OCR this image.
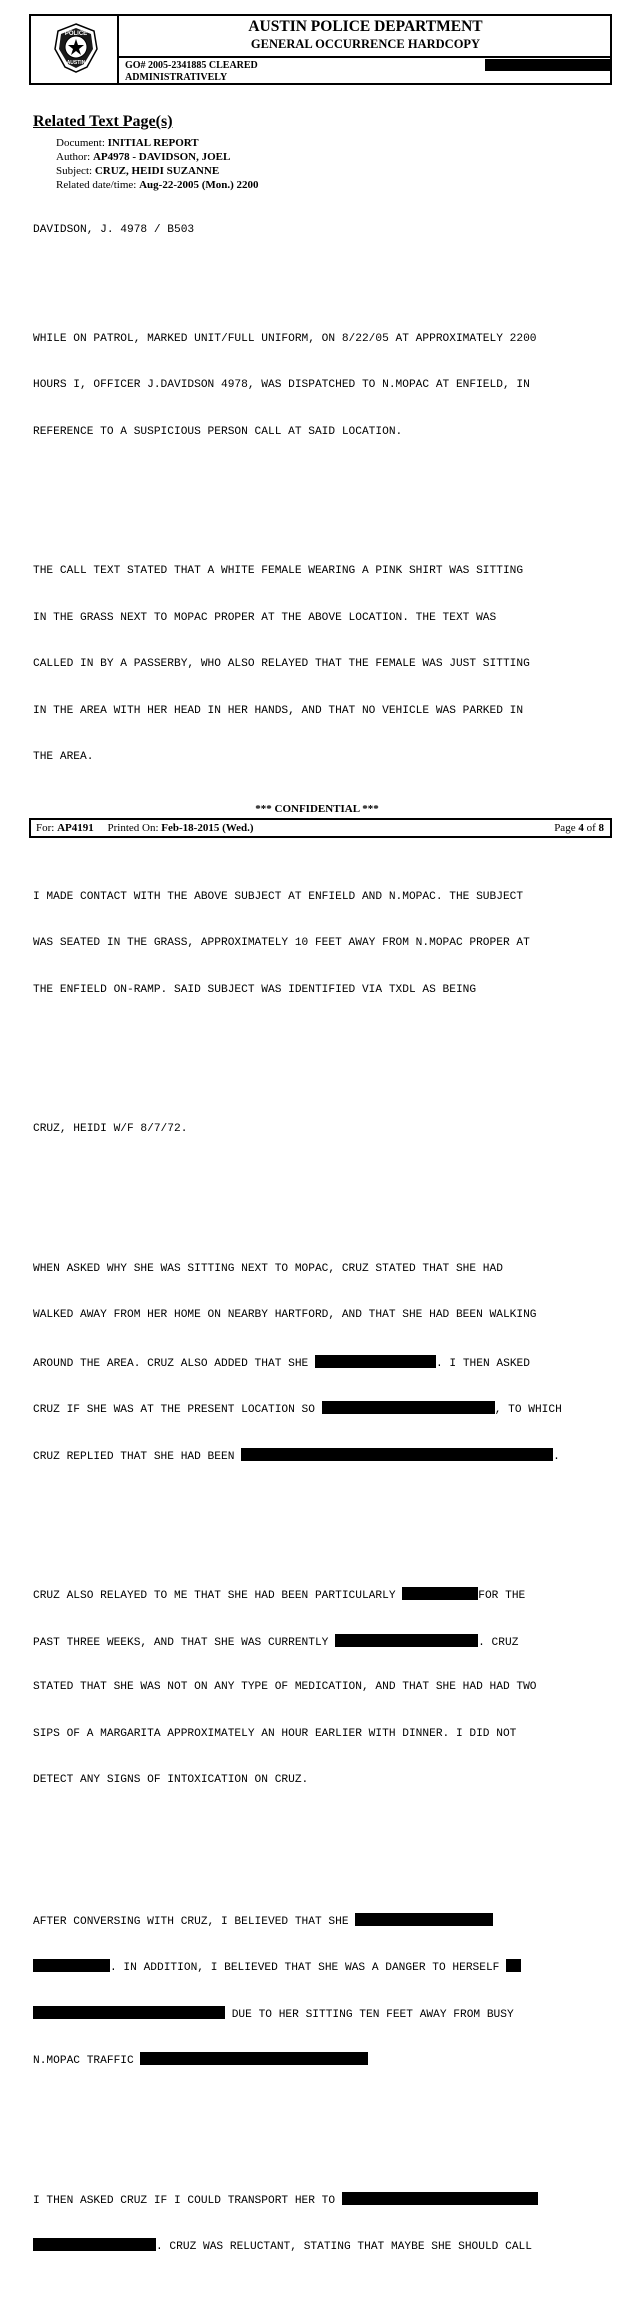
POLICE
AUSTIN
AUSTIN POLICE DEPARTMENT
GENERAL OCCURRENCE HARDCOPY
GO# 2005-2341885 CLEARED
ADMINISTRATIVELY
Related Text Page(s)
Document: INITIAL REPORT
Author: AP4978 - DAVIDSON, JOEL
Subject: CRUZ, HEIDI SUZANNE
Related date/time: Aug-22-2005 (Mon.) 2200

DAVIDSON, J. 4978 / B503

WHILE ON PATROL, MARKED UNIT/FULL UNIFORM, ON 8/22/05 AT APPROXIMATELY 2200

HOURS I, OFFICER J.DAVIDSON 4978, WAS DISPATCHED TO N.MOPAC AT ENFIELD, IN

REFERENCE TO A SUSPICIOUS PERSON CALL AT SAID LOCATION.

THE CALL TEXT STATED THAT A WHITE FEMALE WEARING A PINK SHIRT WAS SITTING

IN THE GRASS NEXT TO MOPAC PROPER AT THE ABOVE LOCATION. THE TEXT WAS

CALLED IN BY A PASSERBY, WHO ALSO RELAYED THAT THE FEMALE WAS JUST SITTING

IN THE AREA WITH HER HEAD IN HER HANDS, AND THAT NO VEHICLE WAS PARKED IN

THE AREA.

I MADE CONTACT WITH THE ABOVE SUBJECT AT ENFIELD AND N.MOPAC. THE SUBJECT

WAS SEATED IN THE GRASS, APPROXIMATELY 10 FEET AWAY FROM N.MOPAC PROPER AT

THE ENFIELD ON-RAMP. SAID SUBJECT WAS IDENTIFIED VIA TXDL AS BEING

CRUZ, HEIDI W/F 8/7/72.

WHEN ASKED WHY SHE WAS SITTING NEXT TO MOPAC, CRUZ STATED THAT SHE HAD

WALKED AWAY FROM HER HOME ON NEARBY HARTFORD, AND THAT SHE HAD BEEN WALKING

AROUND THE AREA. CRUZ ALSO ADDED THAT SHE	. I THEN ASKED

CRUZ IF SHE WAS AT THE PRESENT LOCATION SO	, TO WHICH

CRUZ REPLIED THAT SHE HAD BEEN	.

CRUZ ALSO RELAYED TO ME THAT SHE HAD BEEN PARTICULARLY	FOR THE

PAST THREE WEEKS, AND THAT SHE WAS CURRENTLY	. CRUZ

STATED THAT SHE WAS NOT ON ANY TYPE OF MEDICATION, AND THAT SHE HAD HAD TWO

SIPS OF A MARGARITA APPROXIMATELY AN HOUR EARLIER WITH DINNER. I DID NOT

DETECT ANY SIGNS OF INTOXICATION ON CRUZ.

AFTER CONVERSING WITH CRUZ, I BELIEVED THAT SHE

. IN ADDITION, I BELIEVED THAT SHE WAS A DANGER TO HERSELF

DUE TO HER SITTING TEN FEET AWAY FROM BUSY

N.MOPAC TRAFFIC

I THEN ASKED CRUZ IF I COULD TRANSPORT HER TO

. CRUZ WAS RELUCTANT, STATING THAT MAYBE SHE SHOULD CALL

*** CONFIDENTIAL ***
For: AP4191 Printed On: Feb-18-2015 (Wed.)	Page 4 of 8
